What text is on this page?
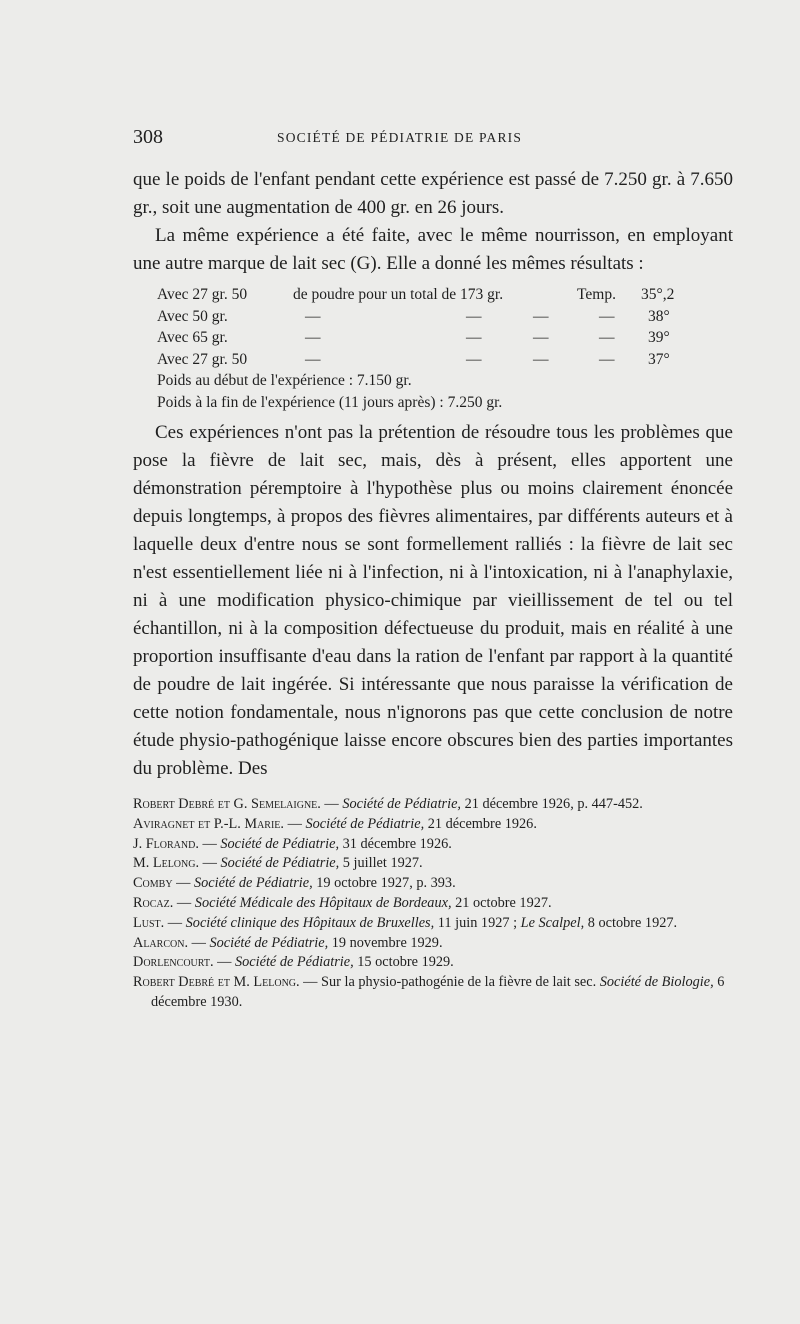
308	SOCIÉTÉ DE PÉDIATRIE DE PARIS

que le poids de l'enfant pendant cette expérience est passé de 7.250 gr. à 7.650 gr., soit une augmentation de 400 gr. en 26 jours.

La même expérience a été faite, avec le même nourrisson, en employant une autre marque de lait sec (G). Elle a donné les mêmes résultats :

Avec 27 gr. 50	de poudre pour un total de 173 gr.	Temp. 35°,2
Avec 50 gr.	—	—	—	— 38°
Avec 65 gr.	—	—	—	— 39°
Avec 27 gr. 50	—	—	—	— 37°
Poids au début de l'expérience : 7.150 gr.
Poids à la fin de l'expérience (11 jours après) : 7.250 gr.

Ces expériences n'ont pas la prétention de résoudre tous les problèmes que pose la fièvre de lait sec, mais, dès à présent, elles apportent une démonstration péremptoire à l'hypothèse plus ou moins clairement énoncée depuis longtemps, à propos des fièvres alimentaires, par différents auteurs et à laquelle deux d'entre nous se sont formellement ralliés : la fièvre de lait sec n'est essentiellement liée ni à l'infection, ni à l'intoxication, ni à l'anaphylaxie, ni à une modification physico-chimique par vieillissement de tel ou tel échantillon, ni à la composition défectueuse du produit, mais en réalité à une proportion insuffisante d'eau dans la ration de l'enfant par rapport à la quantité de poudre de lait ingérée. Si intéressante que nous paraisse la vérification de cette notion fondamentale, nous n'ignorons pas que cette conclusion de notre étude physio-pathogénique laisse encore obscures bien des parties importantes du problème. Des

Robert Debré et G. Semelaigne. — Société de Pédiatrie, 21 décembre 1926, p. 447-452.
Aviragnet et P.-L. Marie. — Société de Pédiatrie, 21 décembre 1926.
J. Florand. — Société de Pédiatrie, 31 décembre 1926.
M. Lelong. — Société de Pédiatrie, 5 juillet 1927.
Comby — Société de Pédiatrie, 19 octobre 1927, p. 393.
Rocaz. — Société Médicale des Hôpitaux de Bordeaux, 21 octobre 1927.
Lust. — Société clinique des Hôpitaux de Bruxelles, 11 juin 1927 ; Le Scalpel, 8 octobre 1927.
Alarcon. — Société de Pédiatrie, 19 novembre 1929.
Dorlencourt. — Société de Pédiatrie, 15 octobre 1929.
Robert Debré et M. Lelong. — Sur la physio-pathogénie de la fièvre de lait sec. Société de Biologie, 6 décembre 1930.
